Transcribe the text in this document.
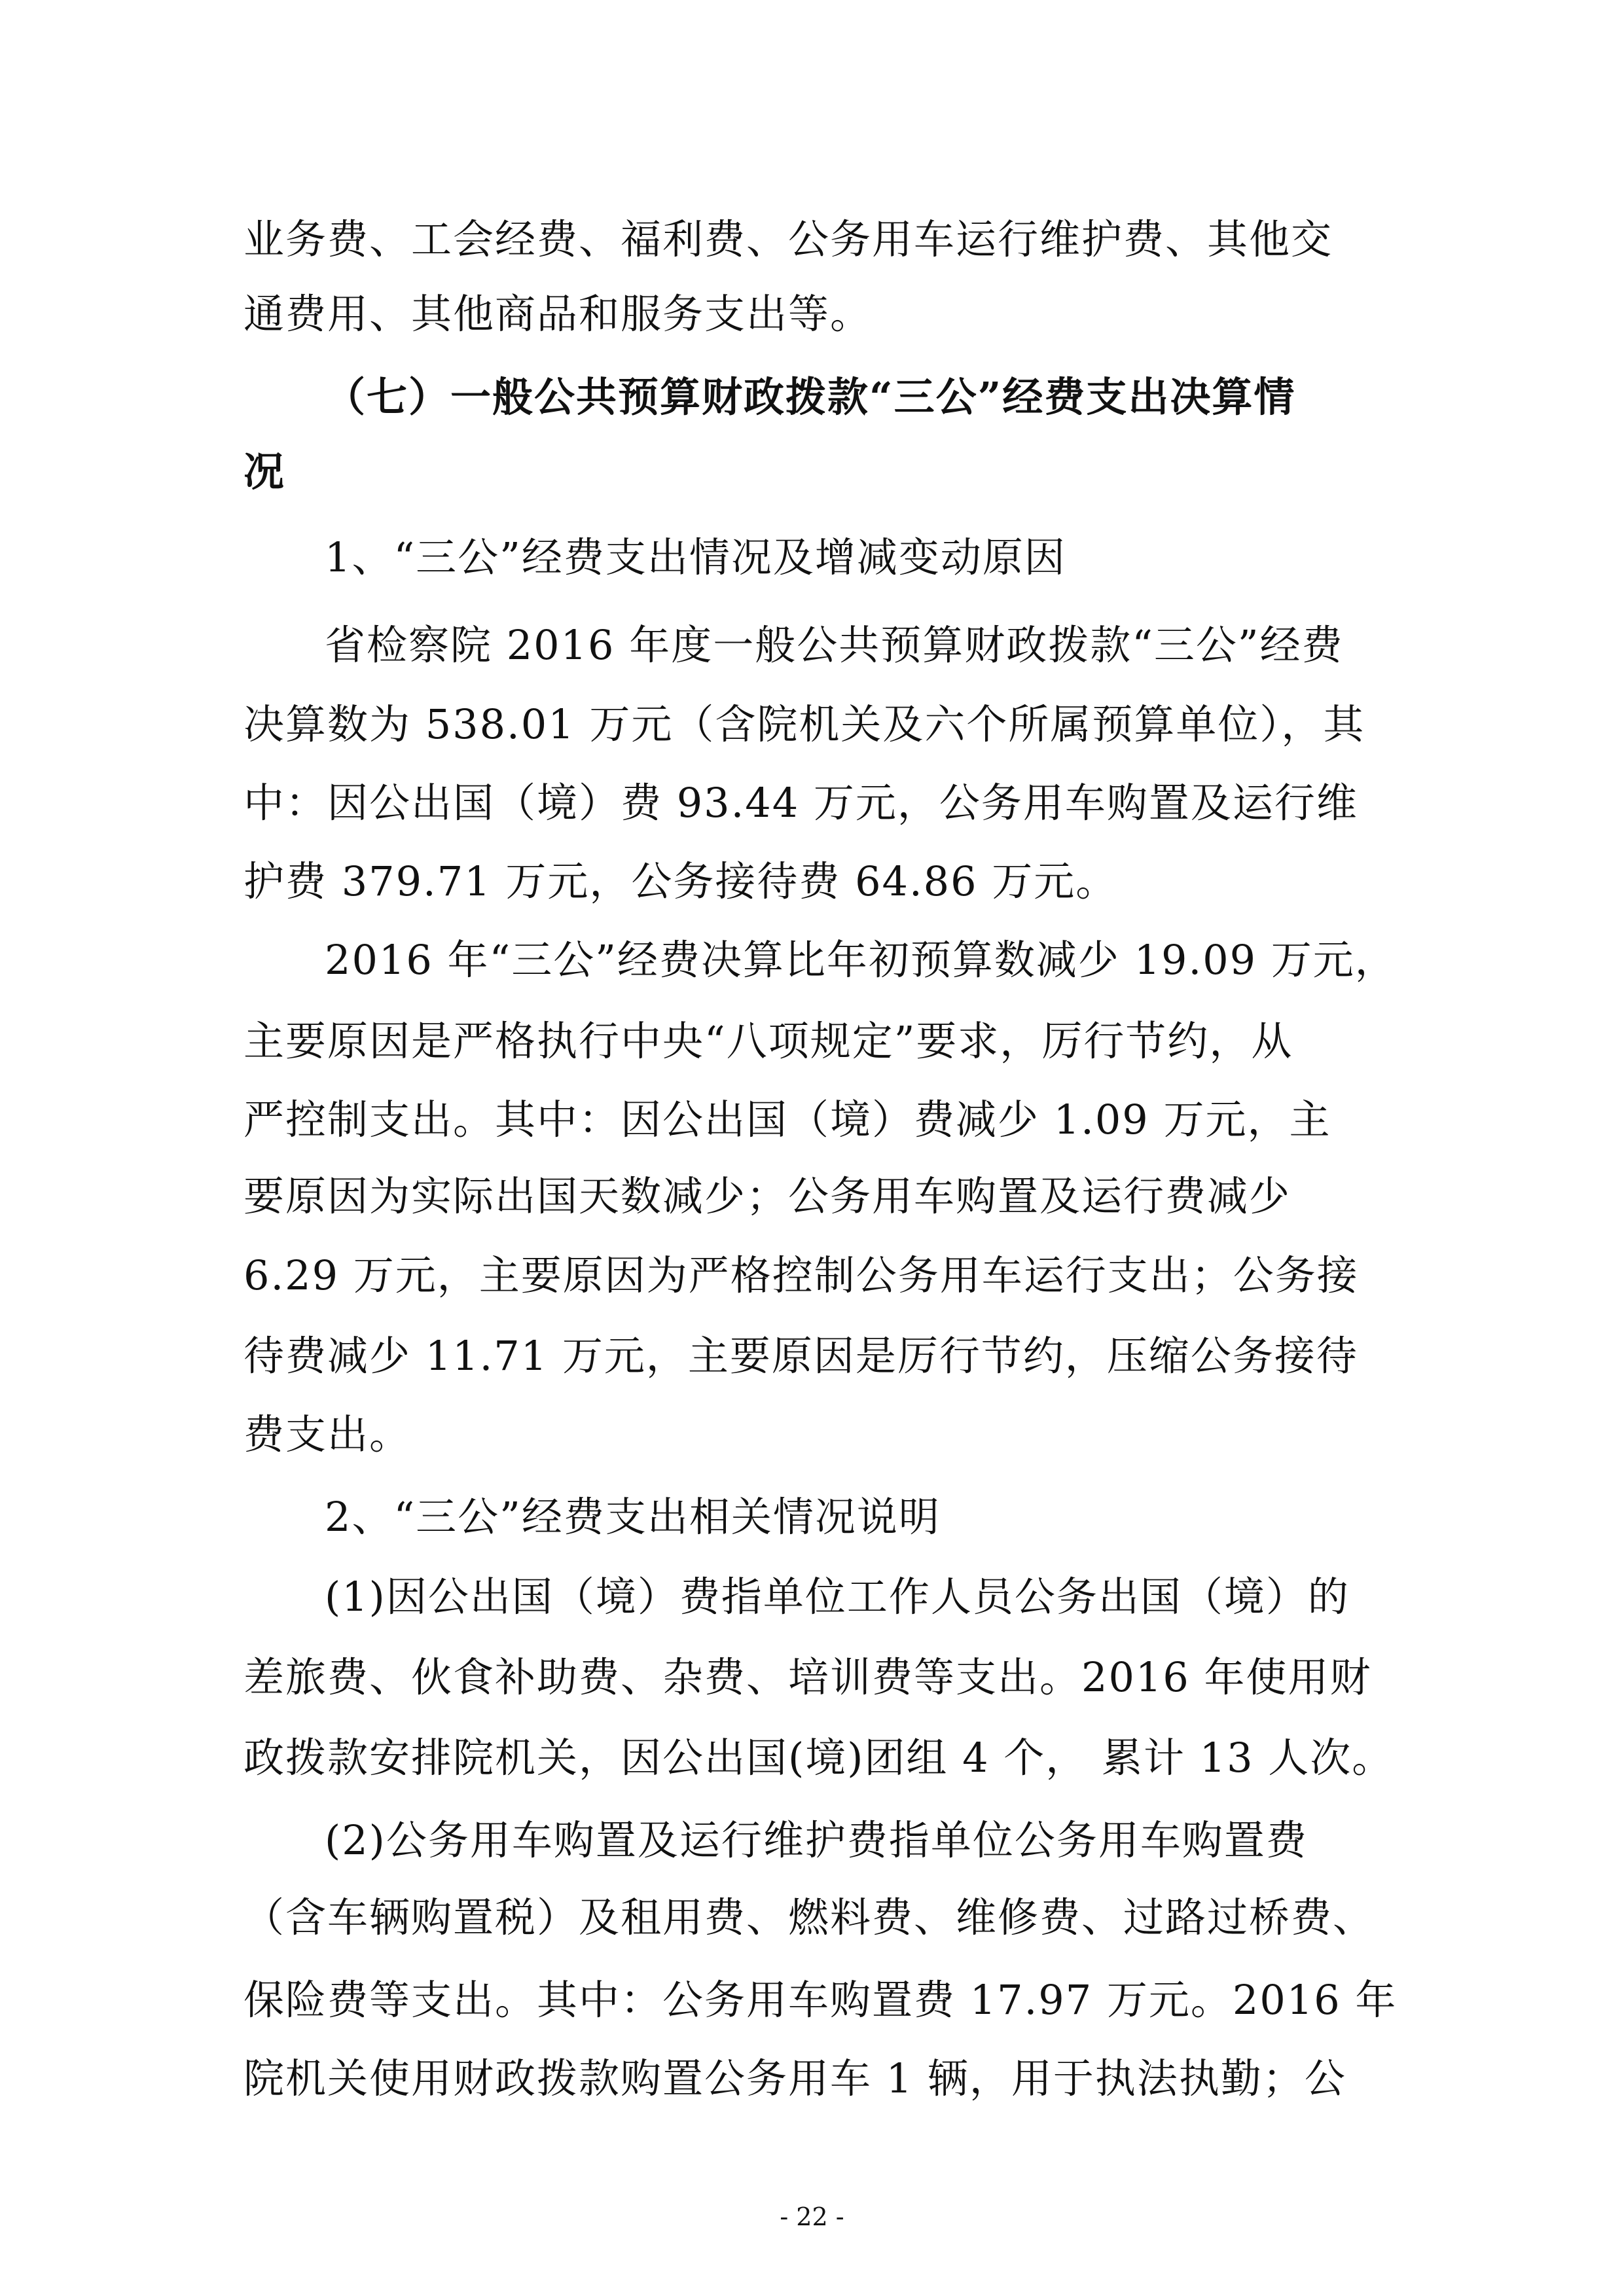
业务费、工会经费、福利费、公务用车运行维护费、其他交
通费用、其他商品和服务支出等。
（七）一般公共预算财政拨款“三公”经费支出决算情
况
1、“三公”经费支出情况及增减变动原因
省检察院 2016 年度一般公共预算财政拨款“三公”经费
决算数为 538.01 万元（含院机关及六个所属预算单位），其
中：因公出国（境）费 93.44 万元，公务用车购置及运行维
护费 379.71 万元，公务接待费 64.86 万元。
2016 年“三公”经费决算比年初预算数减少 19.09 万元，
主要原因是严格执行中央“八项规定”要求，厉行节约，从
严控制支出。其中：因公出国（境）费减少 1.09 万元，主
要原因为实际出国天数减少；公务用车购置及运行费减少
6.29 万元，主要原因为严格控制公务用车运行支出；公务接
待费减少 11.71 万元，主要原因是厉行节约，压缩公务接待
费支出。
2、“三公”经费支出相关情况说明
(1)因公出国（境）费指单位工作人员公务出国（境）的
差旅费、伙食补助费、杂费、培训费等支出。2016 年使用财
政拨款安排院机关，因公出国(境)团组 4 个， 累计 13 人次。
(2)公务用车购置及运行维护费指单位公务用车购置费
（含车辆购置税）及租用费、燃料费、维修费、过路过桥费、
保险费等支出。其中：公务用车购置费 17.97 万元。2016 年
院机关使用财政拨款购置公务用车 1 辆，用于执法执勤；公
- 22 -
